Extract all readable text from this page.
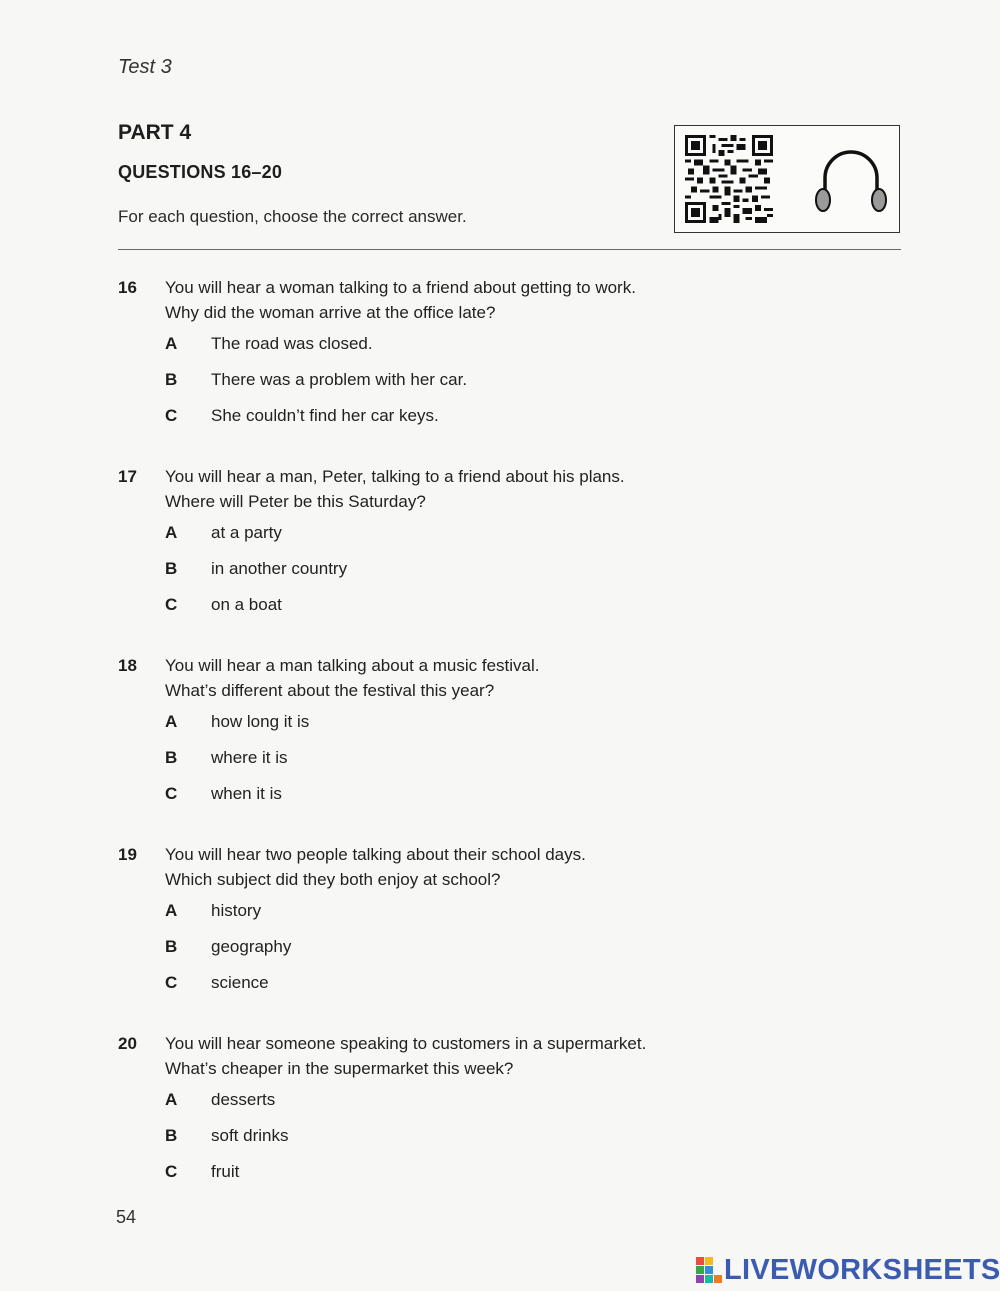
Test 3
PART 4
QUESTIONS 16–20
For each question, choose the correct answer.
16 You will hear a woman talking to a friend about getting to work.
Why did the woman arrive at the office late?
A The road was closed.
B There was a problem with her car.
C She couldn’t find her car keys.
17 You will hear a man, Peter, talking to a friend about his plans.
Where will Peter be this Saturday?
A at a party
B in another country
C on a boat
18 You will hear a man talking about a music festival.
What’s different about the festival this year?
A how long it is
B where it is
C when it is
19 You will hear two people talking about their school days.
Which subject did they both enjoy at school?
A history
B geography
C science
20 You will hear someone speaking to customers in a supermarket.
What’s cheaper in the supermarket this week?
A desserts
B soft drinks
C fruit
54
LIVEWORKSHEETS
